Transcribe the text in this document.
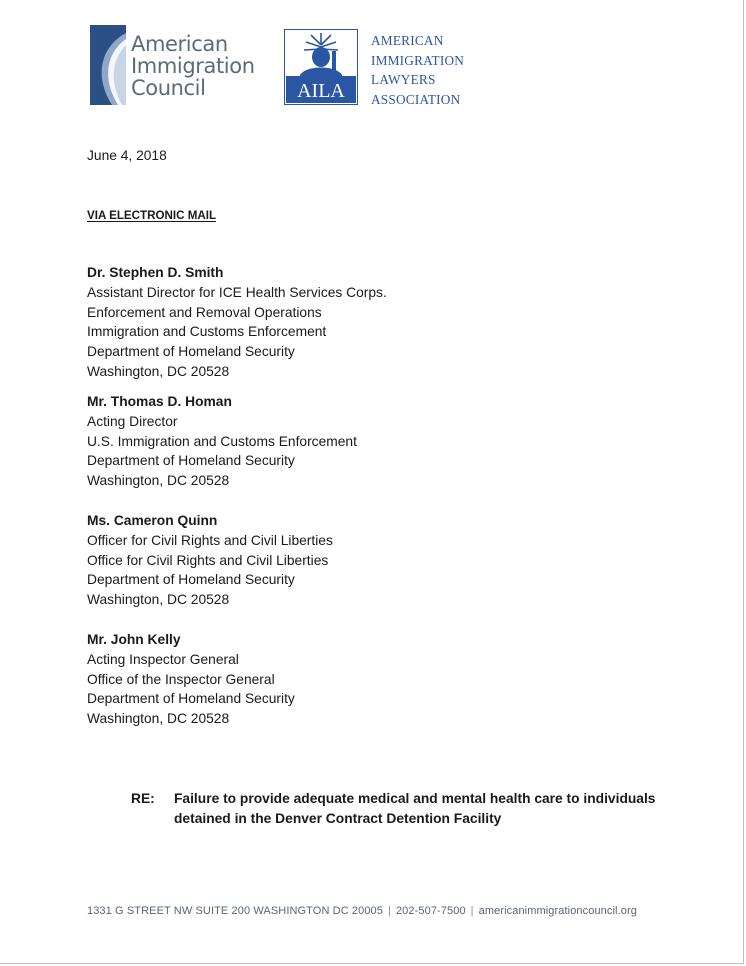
American
Immigration
Council	AILA
AMERICAN
IMMIGRATION
LAWYERS
ASSOCIATION
June 4, 2018
VIA ELECTRONIC MAIL
Dr. Stephen D. Smith
Assistant Director for ICE Health Services Corps.
Enforcement and Removal Operations
Immigration and Customs Enforcement
Department of Homeland Security
Washington, DC 20528
Mr. Thomas D. Homan
Acting Director
U.S. Immigration and Customs Enforcement
Department of Homeland Security
Washington, DC 20528
Ms. Cameron Quinn
Officer for Civil Rights and Civil Liberties
Office for Civil Rights and Civil Liberties
Department of Homeland Security
Washington, DC 20528
Mr. John Kelly
Acting Inspector General
Office of the Inspector General
Department of Homeland Security
Washington, DC 20528
RE: Failure to provide adequate medical and mental health care to individuals
detained in the Denver Contract Detention Facility
1331 G STREET NW SUITE 200 WASHINGTON DC 20005 | 202-507-7500 | americanimmigrationcouncil.org
